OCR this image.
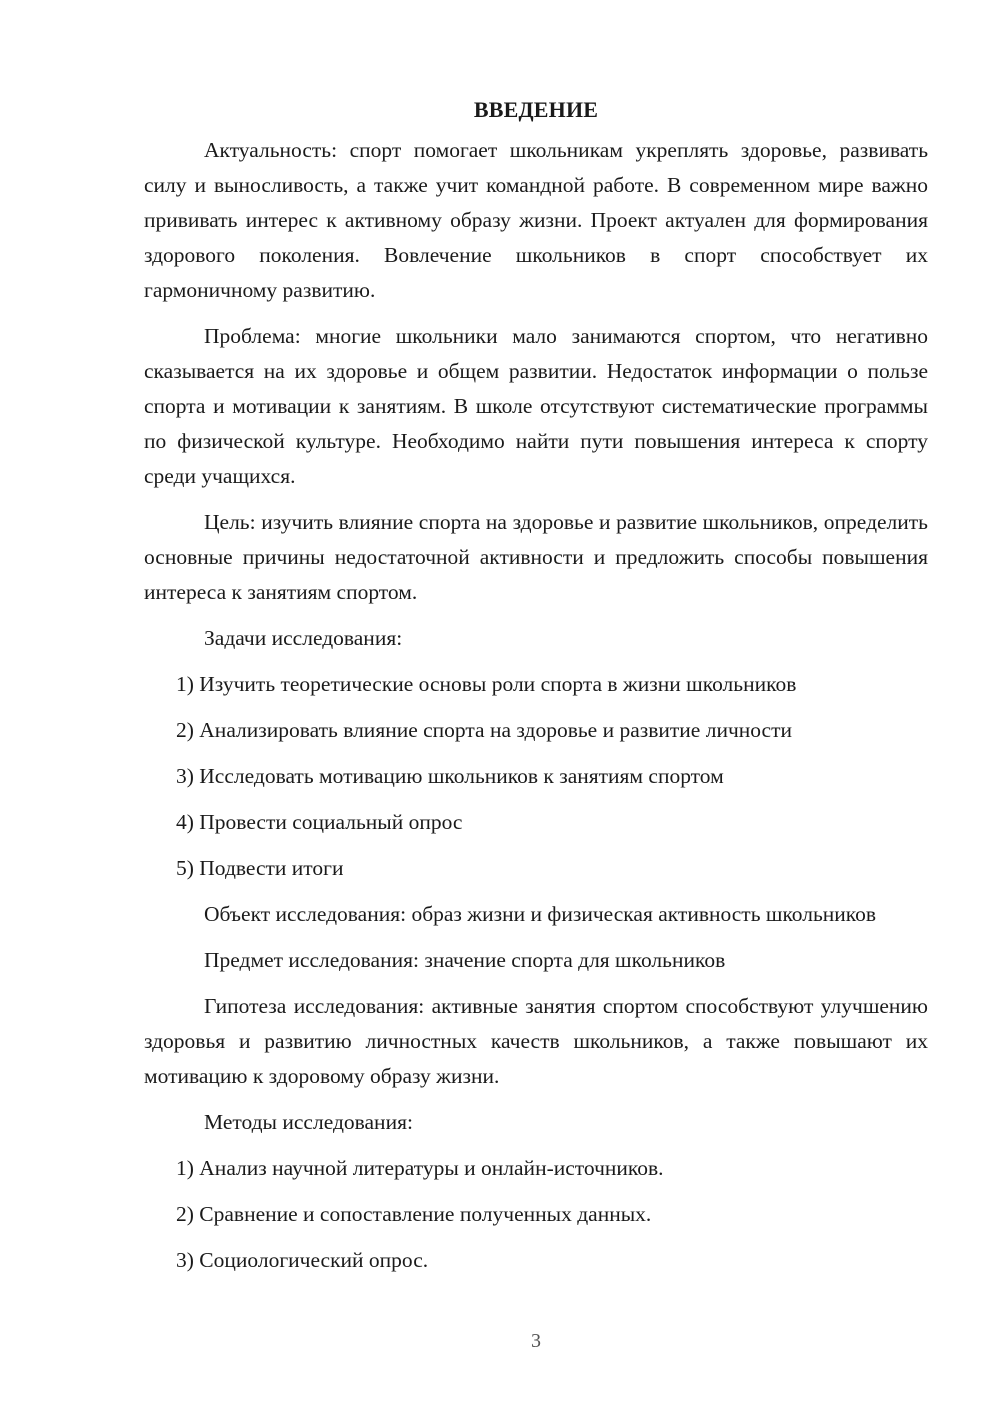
ВВЕДЕНИЕ

Актуальность: спорт помогает школьникам укреплять здоровье, развивать силу и выносливость, а также учит командной работе. В современном мире важно прививать интерес к активному образу жизни. Проект актуален для формирования здорового поколения. Вовлечение школьников в спорт способствует их гармоничному развитию.

Проблема: многие школьники мало занимаются спортом, что негативно сказывается на их здоровье и общем развитии. Недостаток информации о пользе спорта и мотивации к занятиям. В школе отсутствуют систематические программы по физической культуре. Необходимо найти пути повышения интереса к спорту среди учащихся.

Цель: изучить влияние спорта на здоровье и развитие школьников, определить основные причины недостаточной активности и предложить способы повышения интереса к занятиям спортом.

Задачи исследования:

1) Изучить теоретические основы роли спорта в жизни школьников
2) Анализировать влияние спорта на здоровье и развитие личности
3) Исследовать мотивацию школьников к занятиям спортом
4) Провести социальный опрос
5) Подвести итоги

Объект исследования: образ жизни и физическая активность школьников

Предмет исследования: значение спорта для школьников

Гипотеза исследования: активные занятия спортом способствуют улучшению здоровья и развитию личностных качеств школьников, а также повышают их мотивацию к здоровому образу жизни.

Методы исследования:

1) Анализ научной литературы и онлайн-источников.
2) Сравнение и сопоставление полученных данных.
3) Социологический опрос.
3
